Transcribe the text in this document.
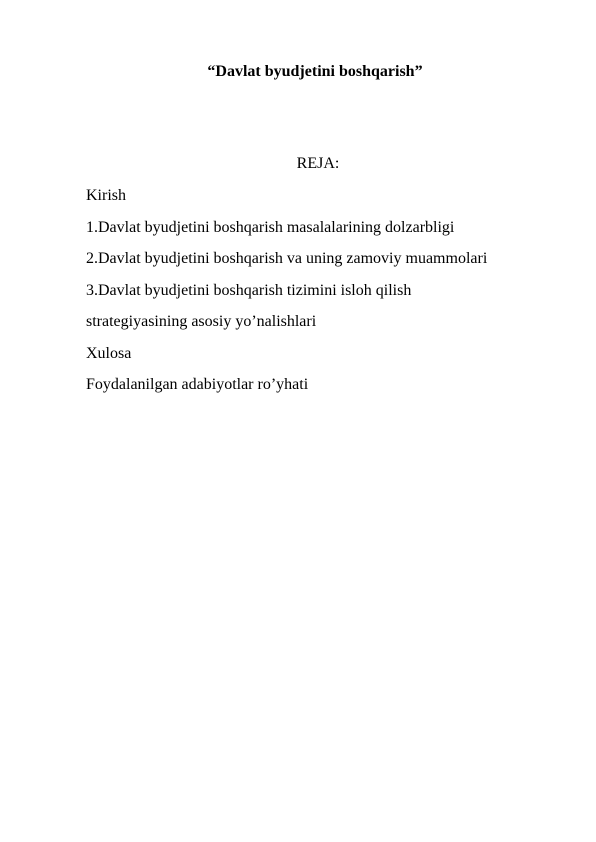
“Davlat byudjetini boshqarish”
REJA:
Kirish
1.Davlat byudjetini boshqarish masalalarining dolzarbligi
2.Davlat byudjetini boshqarish va uning zamoviy muammolari
3.Davlat byudjetini boshqarish tizimini isloh qilish
strategiyasining asosiy yo’nalishlari
Xulosa
Foydalanilgan adabiyotlar ro’yhati
